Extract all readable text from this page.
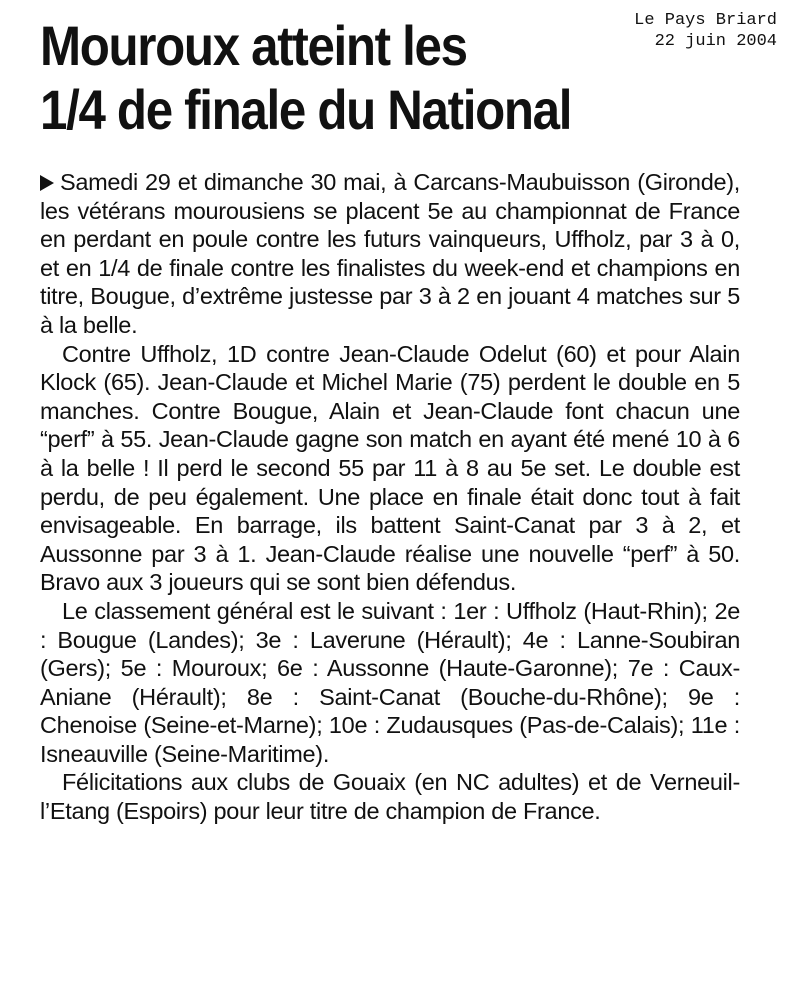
Le Pays Briard
22 juin 2004
Mouroux atteint les
1/4 de finale du National

Samedi 29 et dimanche 30 mai, à Carcans-Maubuisson (Gironde), les vétérans mourousiens se placent 5e au championnat de France en perdant en poule contre les futurs vainqueurs, Uffholz, par 3 à 0, et en 1/4 de finale contre les finalistes du week-end et champions en titre, Bougue, d’extrême justesse par 3 à 2 en jouant 4 matches sur 5 à la belle.

Contre Uffholz, 1D contre Jean-Claude Odelut (60) et pour Alain Klock (65). Jean-Claude et Michel Marie (75) perdent le double en 5 manches. Contre Bougue, Alain et Jean-Claude font chacun une “perf” à 55. Jean-Claude gagne son match en ayant été mené 10 à 6 à la belle ! Il perd le second 55 par 11 à 8 au 5e set. Le double est perdu, de peu également. Une place en finale était donc tout à fait envisageable. En barrage, ils battent Saint-Canat par 3 à 2, et Aussonne par 3 à 1. Jean-Claude réalise une nouvelle “perf” à 50. Bravo aux 3 joueurs qui se sont bien défendus.

Le classement général est le suivant : 1er : Uffholz (Haut-Rhin); 2e : Bougue (Landes); 3e : Laverune (Hérault); 4e : Lanne-Soubiran (Gers); 5e : Mouroux; 6e : Aussonne (Haute-Garonne); 7e : Caux-Aniane (Hérault); 8e : Saint-Canat (Bouche-du-Rhône); 9e : Chenoise (Seine-et-Marne); 10e : Zudausques (Pas-de-Calais); 11e : Isneauville (Seine-Maritime).

Félicitations aux clubs de Gouaix (en NC adultes) et de Verneuil-l’Etang (Espoirs) pour leur titre de champion de France.
